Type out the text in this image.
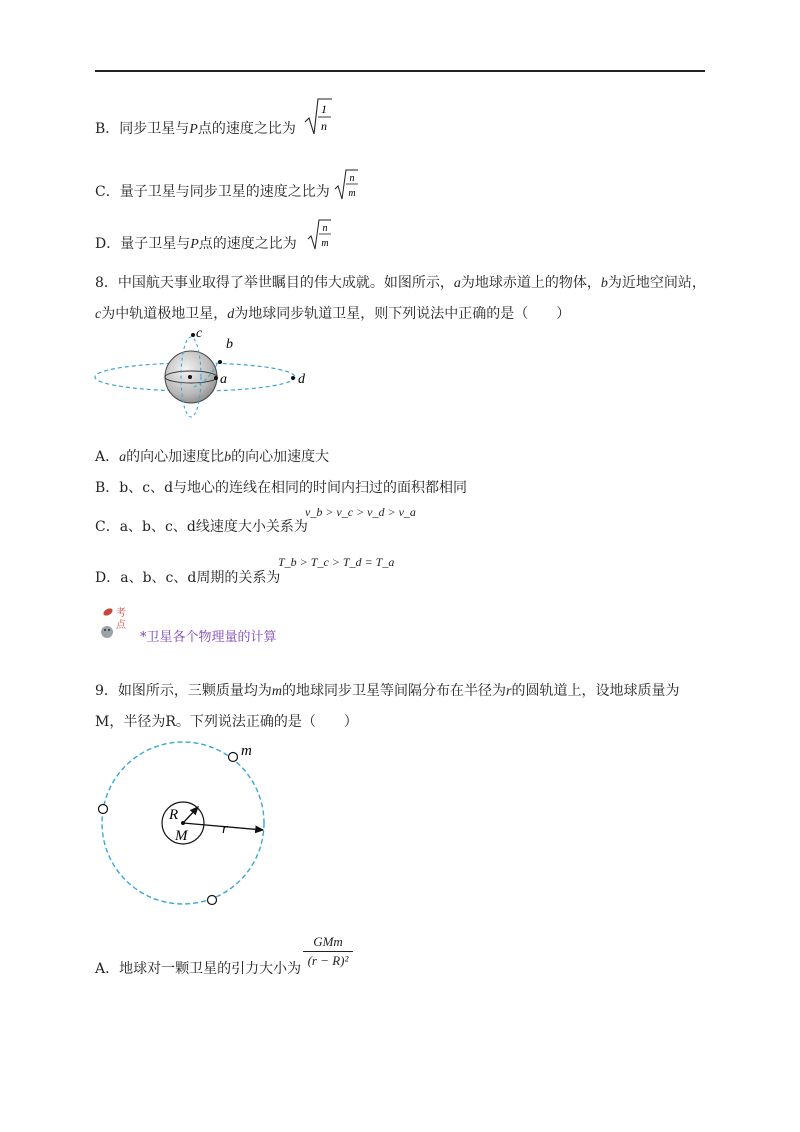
B．同步卫星与P点的速度之比为
1
n
C．量子卫星与同步卫星的速度之比为
n
m
D．量子卫星与P点的速度之比为
n
m
8．中国航天事业取得了举世瞩目的伟大成就。如图所示，a为地球赤道上的物体，b为近地空间站，
c为中轨道极地卫星，d为地球同步轨道卫星，则下列说法中正确的是（　　）
c
b
a	d
A．a的向心加速度比b的向心加速度大
B．b、c、d与地心的连线在相同的时间内扫过的面积都相同
C．a、b、c、d线速度大小关系为
v_b > v_c > v_d > v_a
D．a、b、c、d周期的关系为
T_b > T_c > T_d = T_a
考点
*卫星各个物理量的计算
9．如图所示，三颗质量均为m的地球同步卫星等间隔分布在半径为r的圆轨道上，设地球质量为
M，半径为R。下列说法正确的是（　　）
m
R
M r
A．地球对一颗卫星的引力大小为
GMm
(r − R)²
